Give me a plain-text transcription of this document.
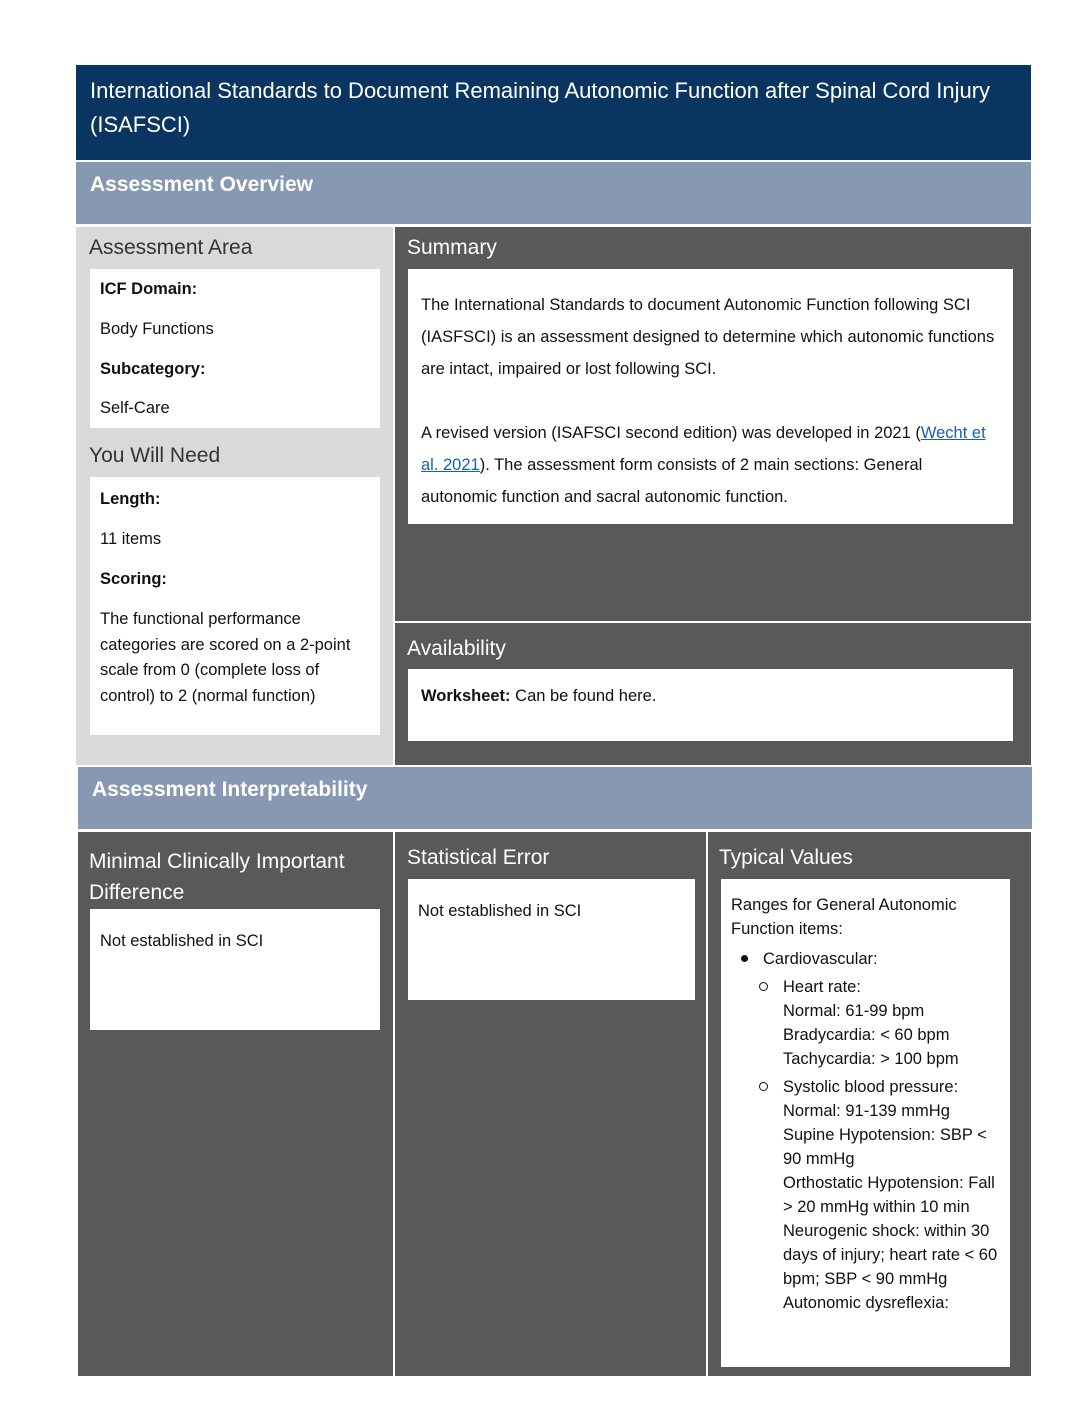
International Standards to Document Remaining Autonomic Function after Spinal Cord Injury (ISAFSCI)
Assessment Overview
Assessment Area
ICF Domain:
Body Functions
Subcategory:
Self-Care
You Will Need
Length:
11 items
Scoring:
The functional performance categories are scored on a 2-point scale from 0 (complete loss of control) to 2 (normal function)
Summary
The International Standards to document Autonomic Function following SCI (IASFSCI) is an assessment designed to determine which autonomic functions are intact, impaired or lost following SCI.
A revised version (ISAFSCI second edition) was developed in 2021 (Wecht et al. 2021). The assessment form consists of 2 main sections: General autonomic function and sacral autonomic function.
Availability
Worksheet: Can be found here.
Assessment Interpretability
Minimal Clinically Important Difference
Not established in SCI
Statistical Error
Not established in SCI
Typical Values
Ranges for General Autonomic Function items:
Cardiovascular:
Heart rate:
Normal: 61-99 bpm
Bradycardia: < 60 bpm
Tachycardia: > 100 bpm
Systolic blood pressure:
Normal: 91-139 mmHg
Supine Hypotension: SBP < 90 mmHg
Orthostatic Hypotension: Fall > 20 mmHg within 10 min
Neurogenic shock: within 30 days of injury; heart rate < 60 bpm; SBP < 90 mmHg
Autonomic dysreflexia:
